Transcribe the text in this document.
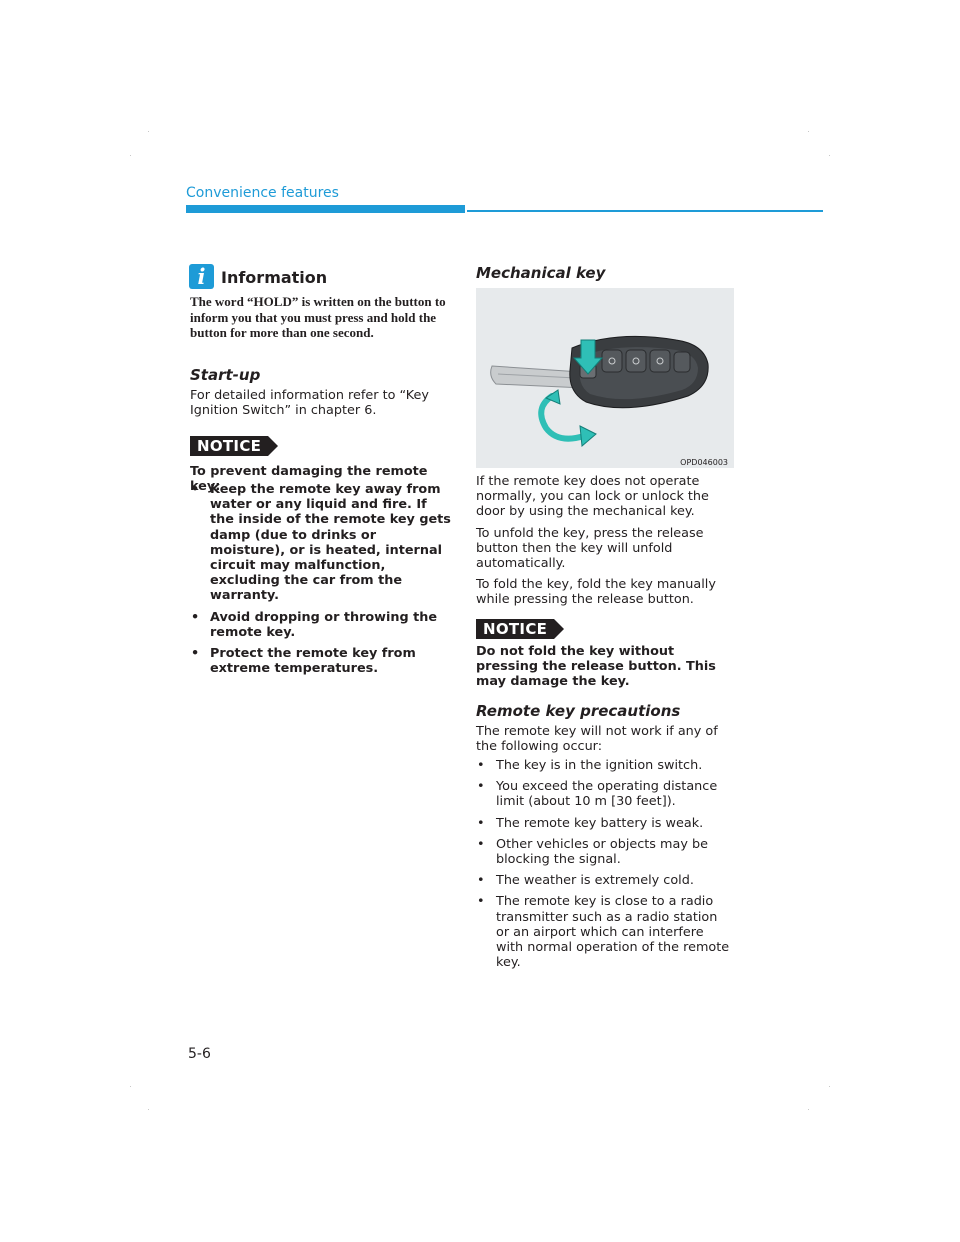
Convenience features
i Information
The word “HOLD” is written on the button to inform you that you must press and hold the button for more than one second.
Start-up
For detailed information refer to “Key Ignition Switch” in chapter 6.
NOTICE
To prevent damaging the remote key:
• Keep the remote key away from water or any liquid and fire. If the inside of the remote key gets damp (due to drinks or moisture), or is heated, internal circuit may malfunction, excluding the car from the warranty.
• Avoid dropping or throwing the remote key.
• Protect the remote key from extreme temperatures.
Mechanical key
OPD046003

If the remote key does not operate normally, you can lock or unlock the door by using the mechanical key.

To unfold the key, press the release button then the key will unfold automatically.

To fold the key, fold the key manually while pressing the release button.

NOTICE
Do not fold the key without pressing the release button. This may damage the key.
Remote key precautions
The remote key will not work if any of the following occur:
• The key is in the ignition switch.
• You exceed the operating distance limit (about 10 m [30 feet]).
• The remote key battery is weak.
• Other vehicles or objects may be blocking the signal.
• The weather is extremely cold.
• The remote key is close to a radio transmitter such as a radio station or an airport which can interfere with normal operation of the remote key.
5-6
